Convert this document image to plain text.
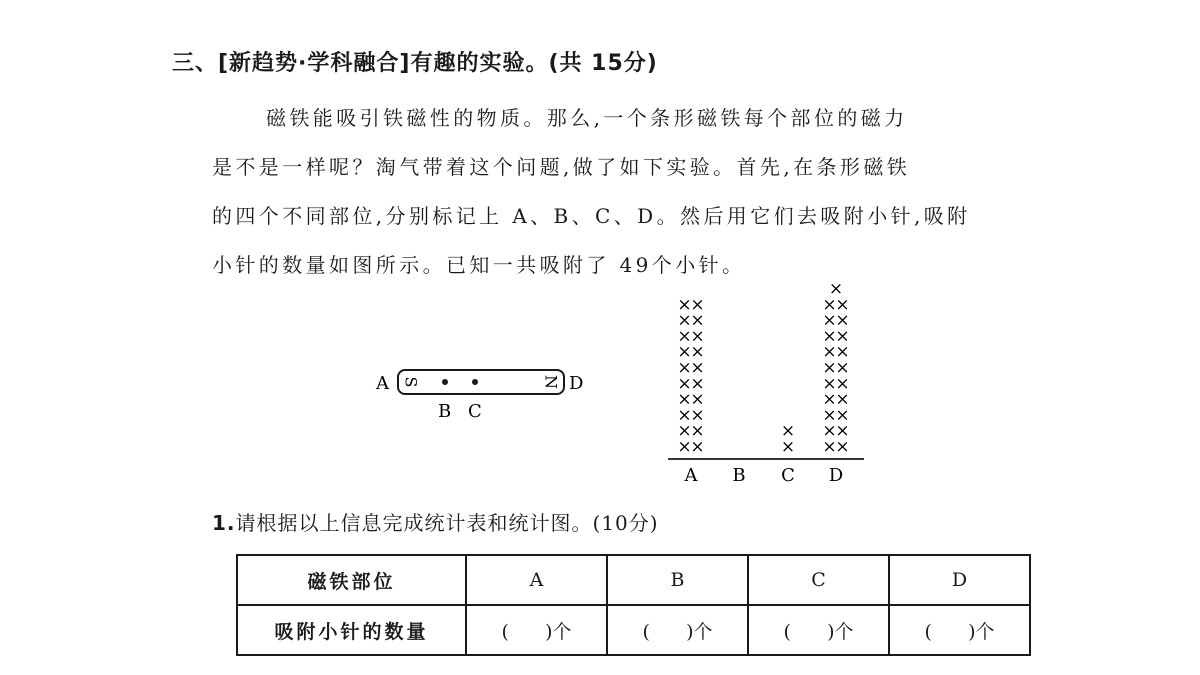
三、[新趋势·学科融合]有趣的实验。(共 15分)

磁铁能吸引铁磁性的物质。那么,一个条形磁铁每个部位的磁力

是不是一样呢？淘气带着这个问题,做了如下实验。首先,在条形磁铁

的四个不同部位,分别标记上 A、B、C、D。然后用它们去吸附小针,吸附

小针的数量如图所示。已知一共吸附了 49个小针。

A S	N D
B C
×
×
×
×
×
×
×
×
×
×
×
×
×
×
×
×
×
×
×
×
×
×
×
×
×
×
×
×
×
×
×
×
×
×
×
×
×
×
×
×
×
×
×
A B C D
1.请根据以上信息完成统计表和统计图。(10分)
磁铁部位	A	B	C	D
吸附小针的数量	(      )个	(      )个	(      )个	(      )个
